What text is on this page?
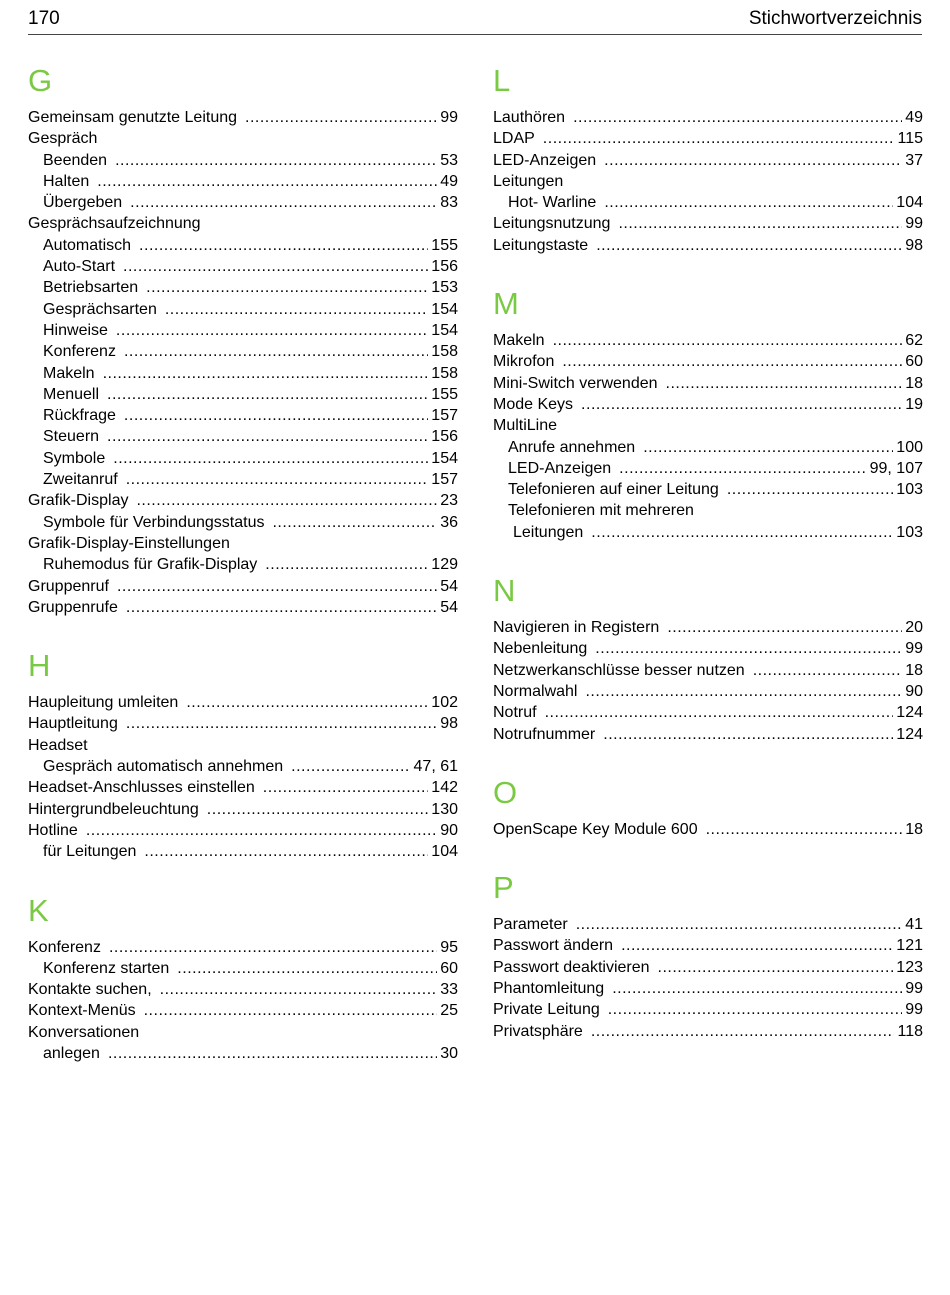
170	Stichwortverzeichnis
G
Gemeinsam genutzte Leitung .....	99
Gespräch
Beenden .....	53
Halten .....	49
Übergeben .....	83
Gesprächsaufzeichnung
Automatisch .....	155
Auto-Start .....	156
Betriebsarten .....	153
Gesprächsarten .....	154
Hinweise .....	154
Konferenz .....	158
Makeln .....	158
Menuell .....	155
Rückfrage .....	157
Steuern .....	156
Symbole .....	154
Zweitanruf .....	157
Grafik-Display .....	23
Symbole für Verbindungsstatus .....	36
Grafik-Display-Einstellungen
Ruhemodus für Grafik-Display .....	129
Gruppenruf .....	54
Gruppenrufe .....	54
H
Haupleitung umleiten .....	102
Hauptleitung .....	98
Headset
Gespräch automatisch annehmen .....	47, 61
Headset-Anschlusses einstellen .....	142
Hintergrundbeleuchtung .....	130
Hotline .....	90
für Leitungen .....	104
K
Konferenz .....	95
Konferenz starten .....	60
Kontakte suchen, .....	33
Kontext-Menüs .....	25
Konversationen
anlegen .....	30
L
Lauthören .....	49
LDAP .....	115
LED-Anzeigen .....	37
Leitungen
Hot- Warline .....	104
Leitungsnutzung .....	99
Leitungstaste .....	98
M
Makeln .....	62
Mikrofon .....	60
Mini-Switch verwenden .....	18
Mode Keys .....	19
MultiLine
Anrufe annehmen .....	100
LED-Anzeigen .....	99, 107
Telefonieren auf einer Leitung .....	103
Telefonieren mit mehreren
Leitungen .....	103
N
Navigieren in Registern .....	20
Nebenleitung .....	99
Netzwerkanschlüsse besser nutzen .....	18
Normalwahl .....	90
Notruf .....	124
Notrufnummer .....	124
O
OpenScape Key Module 600 .....	18
P
Parameter .....	41
Passwort ändern .....	121
Passwort deaktivieren .....	123
Phantomleitung .....	99
Private Leitung .....	99
Privatsphäre .....	118
